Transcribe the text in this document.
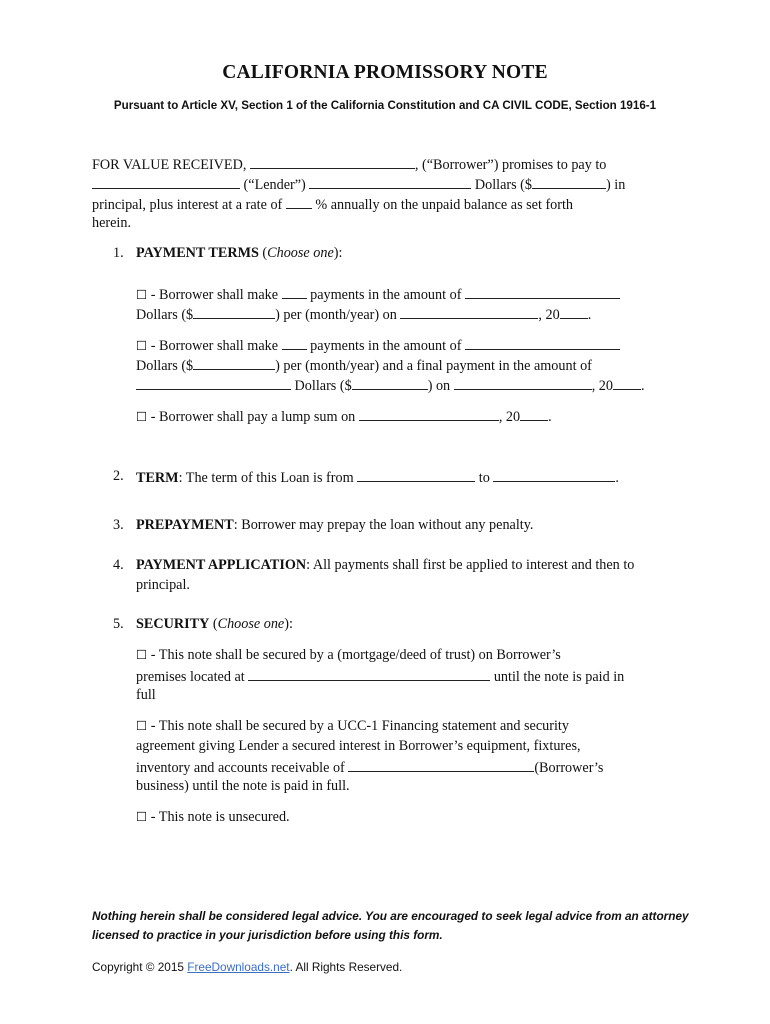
CALIFORNIA PROMISSORY NOTE
Pursuant to Article XV, Section 1 of the California Constitution and CA CIVIL CODE, Section 1916-1
FOR VALUE RECEIVED,	, (“Borrower”) promises to pay to
(“Lender”)	Dollars ($	) in
principal, plus interest at a rate of % annually on the unpaid balance as set forth
herein.
1. PAYMENT TERMS (Choose one):
☐ - Borrower shall make payments in the amount of
Dollars ($	) per (month/year) on	, 20 .
☐ - Borrower shall make payments in the amount of
Dollars ($	) per (month/year) and a final payment in the amount of
Dollars ($	) on	, 20 .
☐ - Borrower shall pay a lump sum on	, 20 .
2. TERM: The term of this Loan is from	to	.
3. PREPAYMENT: Borrower may prepay the loan without any penalty.
4. PAYMENT APPLICATION: All payments shall first be applied to interest and then to
principal.
5. SECURITY (Choose one):
☐ - This note shall be secured by a (mortgage/deed of trust) on Borrower’s
premises located at	until the note is paid in
full
☐ - This note shall be secured by a UCC-1 Financing statement and security
agreement giving Lender a secured interest in Borrower’s equipment, fixtures,
inventory and accounts receivable of	(Borrower’s
business) until the note is paid in full.
☐ - This note is unsecured.
Nothing herein shall be considered legal advice. You are encouraged to seek legal advice from an attorney licensed to practice in your jurisdiction before using this form.
Copyright © 2015 FreeDownloads.net. All Rights Reserved.
